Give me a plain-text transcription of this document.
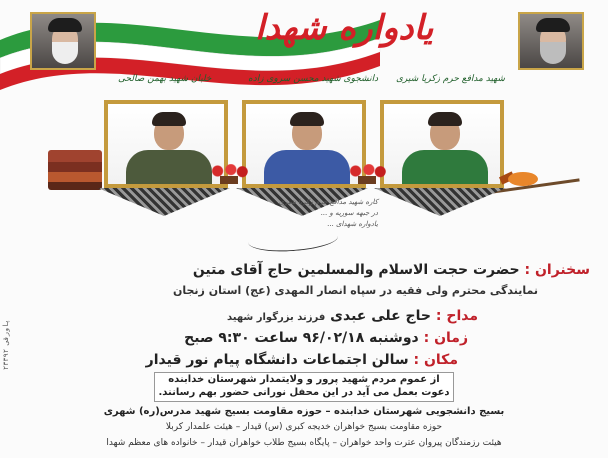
یادواره شهدا
خلبان شهید بهمن صالحی	دانشجوی شهید محسن سروی زاده شهید مدافع حرم زکریا شیری
کاره شهید مدافع حرم زکریا شیری
در جبهه سوریه و ...
یادواره شهدای ...
سخنران : حضرت حجت الاسلام والمسلمین حاج آقای متین
نمایندگی محترم ولی فقیه در سپاه انصار المهدی (عج) استان زنجان
مداح : حاج علی عبدی فرزند بزرگوار شهید
زمان : دوشنبه ۹۶/۰۲/۱۸ ساعت ۹:۳۰ صبح
مکان : سالن اجتماعات دانشگاه پیام نور قیدار
از عموم مردم شهید پرور و ولایتمدار شهرستان خدابنده
دعوت بعمل می آید در این محفل نورانی حضور بهم رسانند.
بسیج دانشجویی شهرستان خدابنده – حوزه مقاومت بسیج شهید مدرس(ره) شهری
حوزه مقاومت بسیج خواهران خدیجه کبری (س) قیدار – هیئت علمدار کربلا
هیئت رزمندگان پیروان عترت واحد خواهران – پایگاه بسیج طلاب خواهران قیدار – خانواده های معظم شهدا
پاورقی ۲۳۳۹۲
